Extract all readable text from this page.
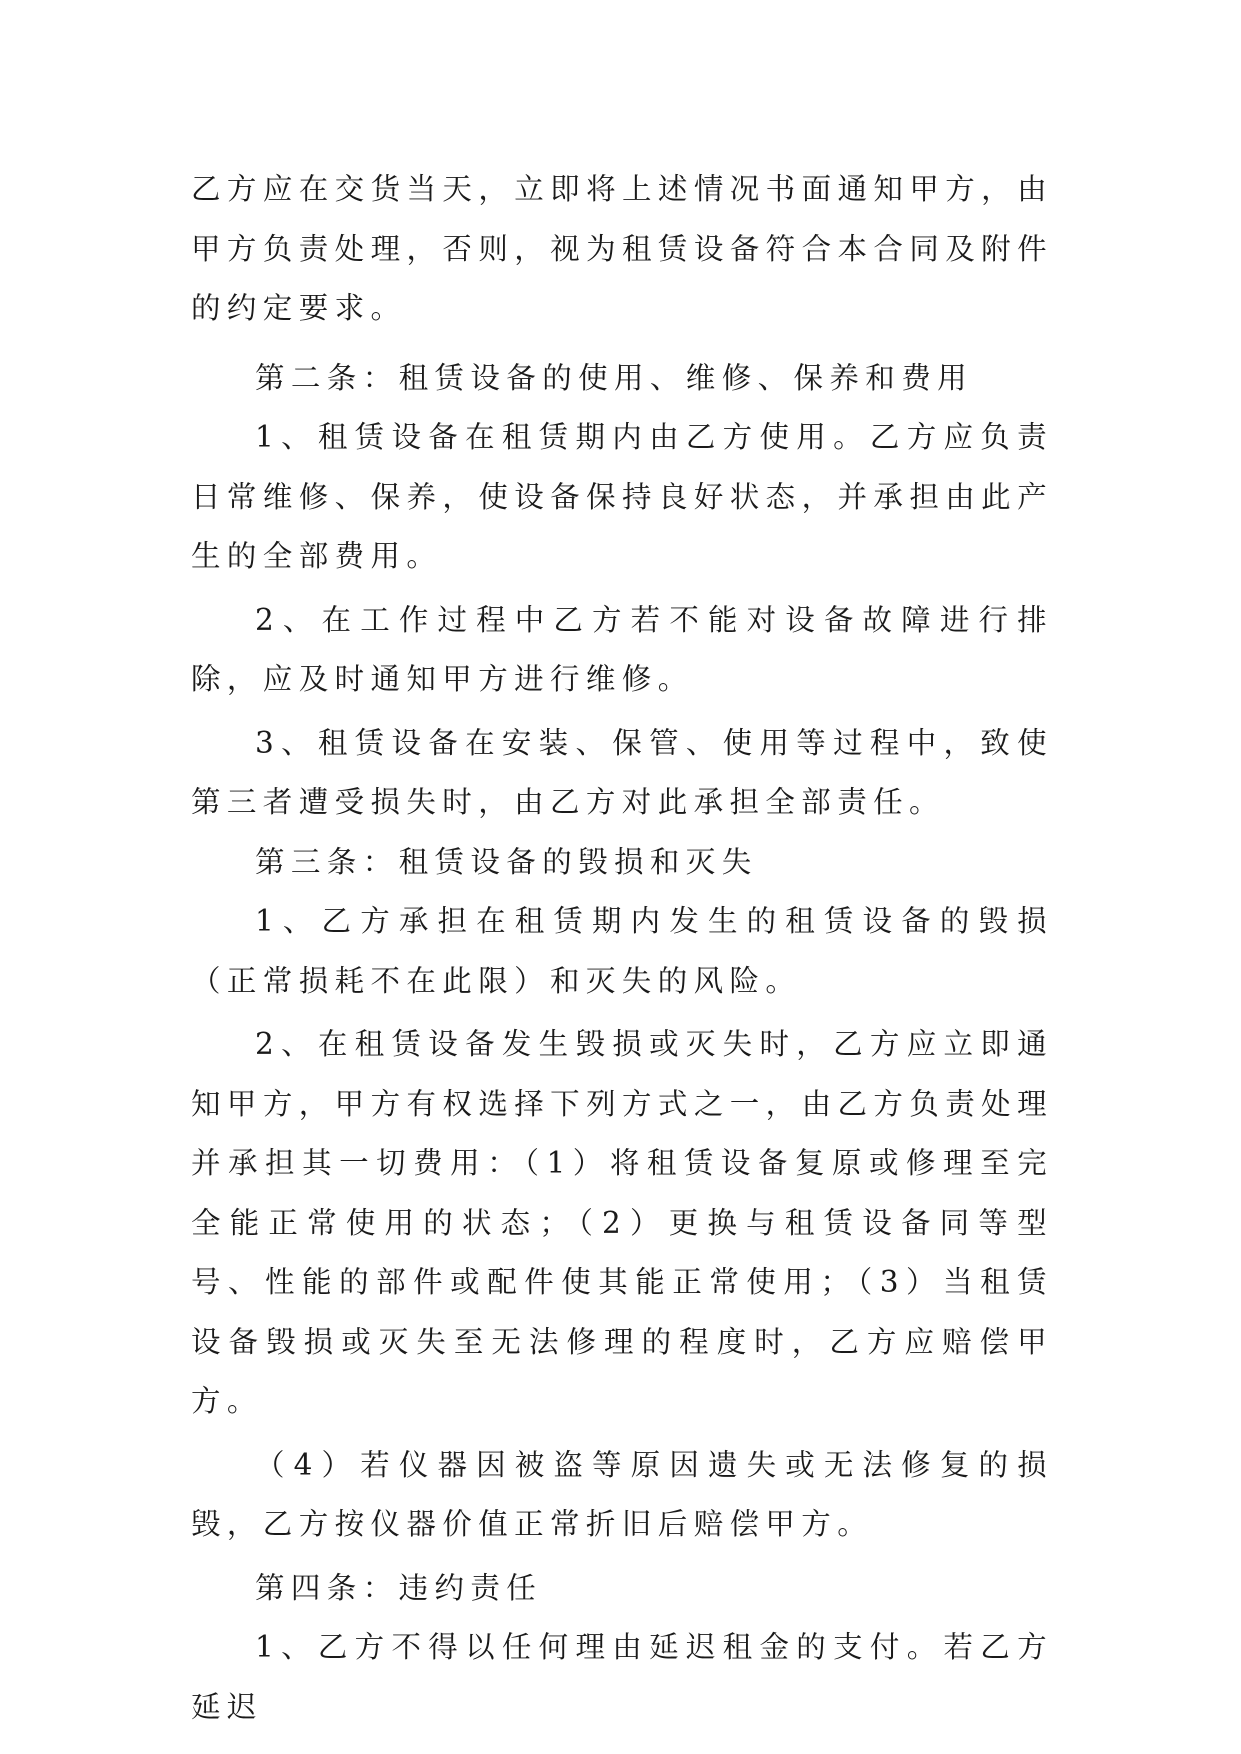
乙方应在交货当天，立即将上述情况书面通知甲方，由甲方负责处理，否则，视为租赁设备符合本合同及附件的约定要求。

第二条：租赁设备的使用、维修、保养和费用

1、租赁设备在租赁期内由乙方使用。乙方应负责日常维修、保养，使设备保持良好状态，并承担由此产生的全部费用。

2、在工作过程中乙方若不能对设备故障进行排除，应及时通知甲方进行维修。

3、租赁设备在安装、保管、使用等过程中，致使第三者遭受损失时，由乙方对此承担全部责任。

第三条：租赁设备的毁损和灭失

1、乙方承担在租赁期内发生的租赁设备的毁损（正常损耗不在此限）和灭失的风险。

2、在租赁设备发生毁损或灭失时，乙方应立即通知甲方，甲方有权选择下列方式之一，由乙方负责处理并承担其一切费用：（1）将租赁设备复原或修理至完全能正常使用的状态；（2）更换与租赁设备同等型号、性能的部件或配件使其能正常使用；（3）当租赁设备毁损或灭失至无法修理的程度时，乙方应赔偿甲方。

（4）若仪器因被盗等原因遗失或无法修复的损毁，乙方按仪器价值正常折旧后赔偿甲方。

第四条：违约责任

1、乙方不得以任何理由延迟租金的支付。若乙方延迟
